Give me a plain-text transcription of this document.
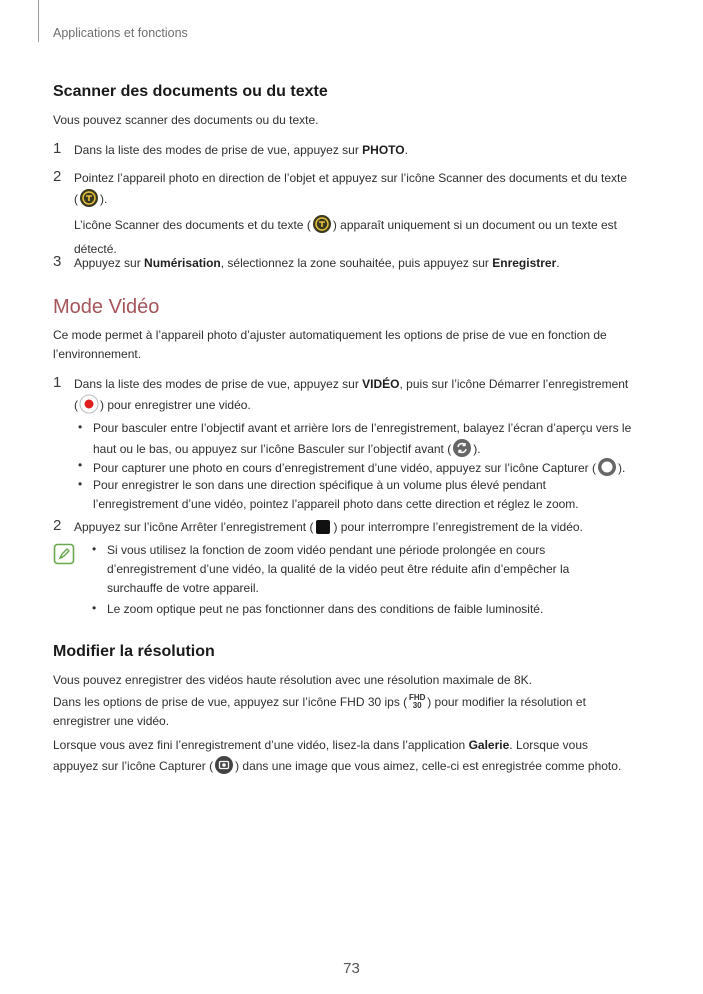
Applications et fonctions
Scanner des documents ou du texte
Vous pouvez scanner des documents ou du texte.
1 Dans la liste des modes de prise de vue, appuyez sur PHOTO.
2 Pointez l’appareil photo en direction de l’objet et appuyez sur l’icône Scanner des documents et du texte
( ).
L’icône Scanner des documents et du texte ( ) apparaît uniquement si un document ou un texte est
détecté.
3 Appuyez sur Numérisation, sélectionnez la zone souhaitée, puis appuyez sur Enregistrer.
Mode Vidéo
Ce mode permet à l’appareil photo d’ajuster automatiquement les options de prise de vue en fonction de
l’environnement.
1 Dans la liste des modes de prise de vue, appuyez sur VIDÉO, puis sur l’icône Démarrer l’enregistrement
( ) pour enregistrer une vidéo.
• Pour basculer entre l’objectif avant et arrière lors de l’enregistrement, balayez l’écran d’aperçu vers le
haut ou le bas, ou appuyez sur l’icône Basculer sur l’objectif avant ( ).
• Pour capturer une photo en cours d’enregistrement d’une vidéo, appuyez sur l’icône Capturer ( ).
• Pour enregistrer le son dans une direction spécifique à un volume plus élevé pendant
l’enregistrement d’une vidéo, pointez l’appareil photo dans cette direction et réglez le zoom.
2 Appuyez sur l’icône Arrêter l’enregistrement ( ) pour interrompre l’enregistrement de la vidéo.
• Si vous utilisez la fonction de zoom vidéo pendant une période prolongée en cours
d’enregistrement d’une vidéo, la qualité de la vidéo peut être réduite afin d’empêcher la
surchauffe de votre appareil.
• Le zoom optique peut ne pas fonctionner dans des conditions de faible luminosité.
Modifier la résolution
Vous pouvez enregistrer des vidéos haute résolution avec une résolution maximale de 8K.
Dans les options de prise de vue, appuyez sur l’icône FHD 30 ips ( FHD
30 ) pour modifier la résolution et
enregistrer une vidéo.
Lorsque vous avez fini l’enregistrement d’une vidéo, lisez-la dans l’application Galerie. Lorsque vous
appuyez sur l’icône Capturer ( ) dans une image que vous aimez, celle-ci est enregistrée comme photo.
73
